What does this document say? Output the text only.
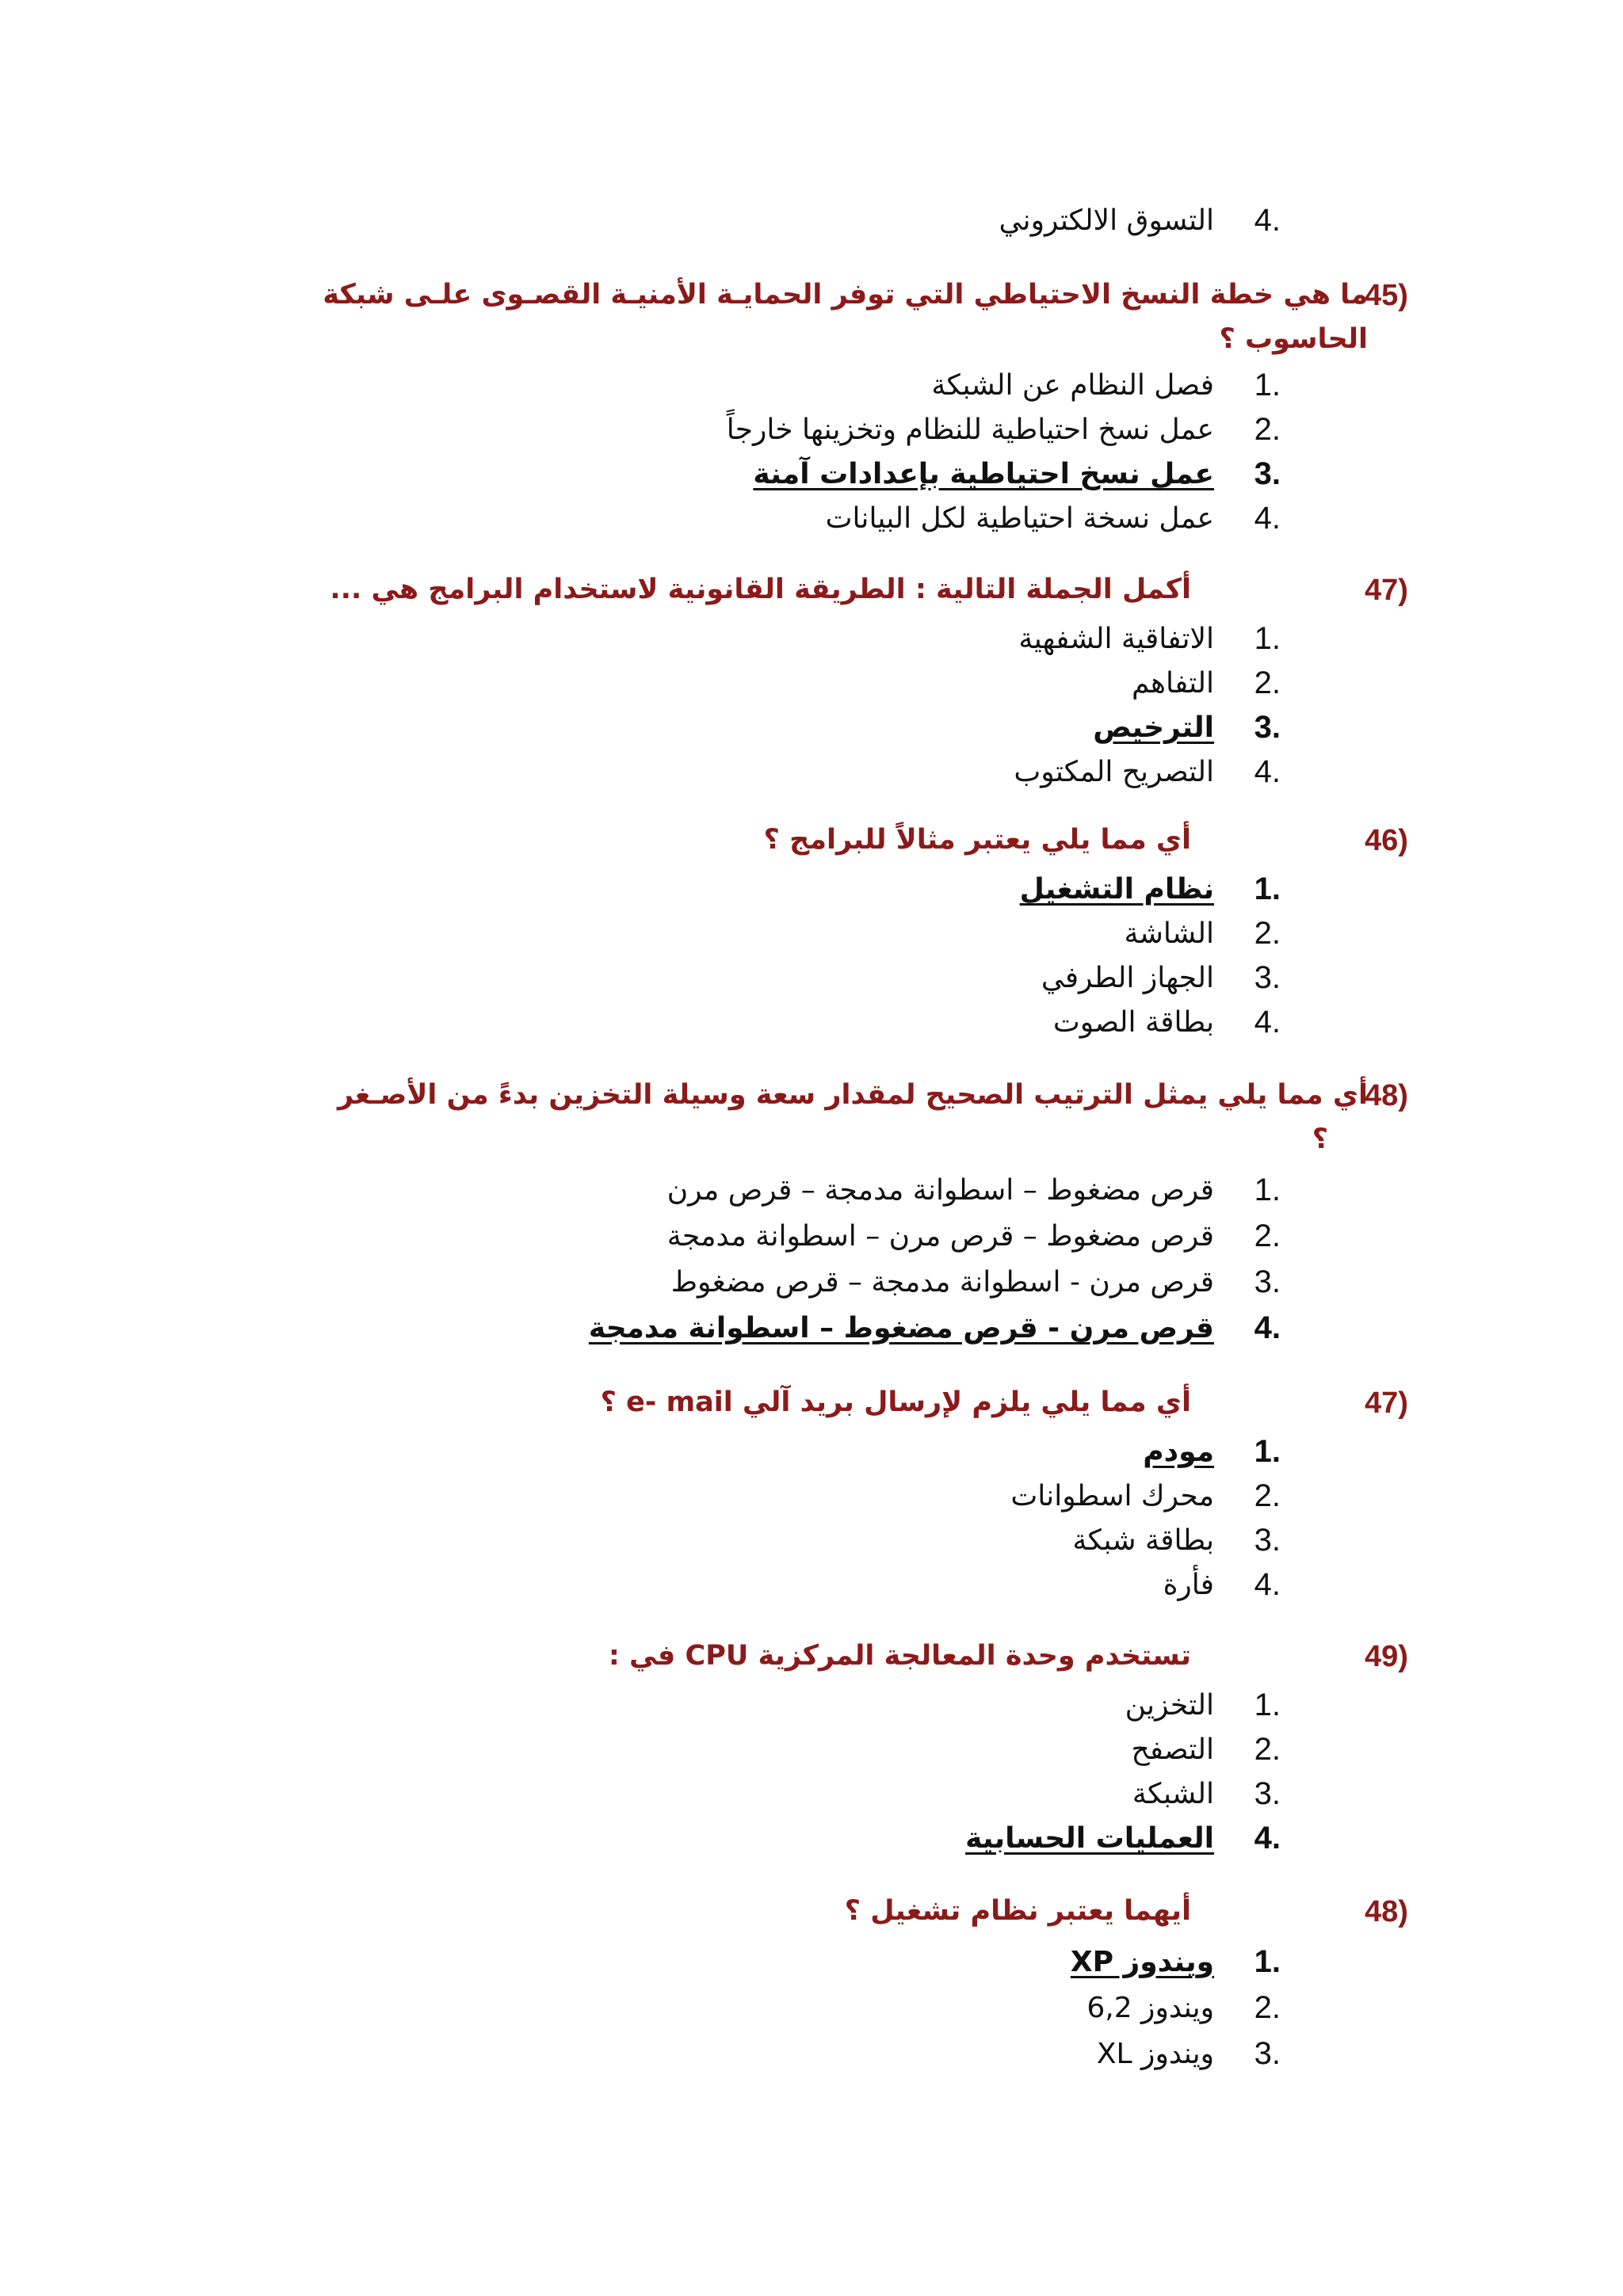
4.
التسوق الالكتروني
45)
ما هي خطة النسخ الاحتياطي التي توفر الحمايـة الأمنيـة القصـوى علـى شبكة
الحاسوب ؟
1.
فصل النظام عن الشبكة
2.
عمل نسخ احتياطية للنظام وتخزينها خارجاً
3.
عمل نسخ احتياطية بإعدادات آمنة
4.
عمل نسخة احتياطية لكل البيانات
47)
أكمل الجملة التالية : الطريقة القانونية لاستخدام البرامج هي ...
1.
الاتفاقية الشفهية
2.
التفاهم
3.
الترخيص
4.
التصريح المكتوب
46)
أي مما يلي يعتبر مثالاً للبرامج ؟
1.
نظام التشغيل
2.
الشاشة
3.
الجهاز الطرفي
4.
بطاقة الصوت
48)
أي مما يلي يمثل الترتيب الصحيح لمقدار سعة وسيلة التخزين بدءً من الأصـغر
؟
1.
قرص مضغوط – اسطوانة مدمجة – قرص مرن
2.
قرص مضغوط – قرص مرن – اسطوانة مدمجة
3.
قرص مرن - اسطوانة مدمجة – قرص مضغوط
4.
قرص مرن - قرص مضغوط – اسطوانة مدمجة
47)
أي مما يلي يلزم لإرسال بريد آلي e- mail ؟
1.
مودم
2.
محرك اسطوانات
3.
بطاقة شبكة
4.
فأرة
49)
تستخدم وحدة المعالجة المركزية CPU في :
1.
التخزين
2.
التصفح
3.
الشبكة
4.
العمليات الحسابية
48)
أيهما يعتبر نظام تشغيل ؟
1.
ويندوز XP
2.
ويندوز 6,2
3.
ويندوز XL
